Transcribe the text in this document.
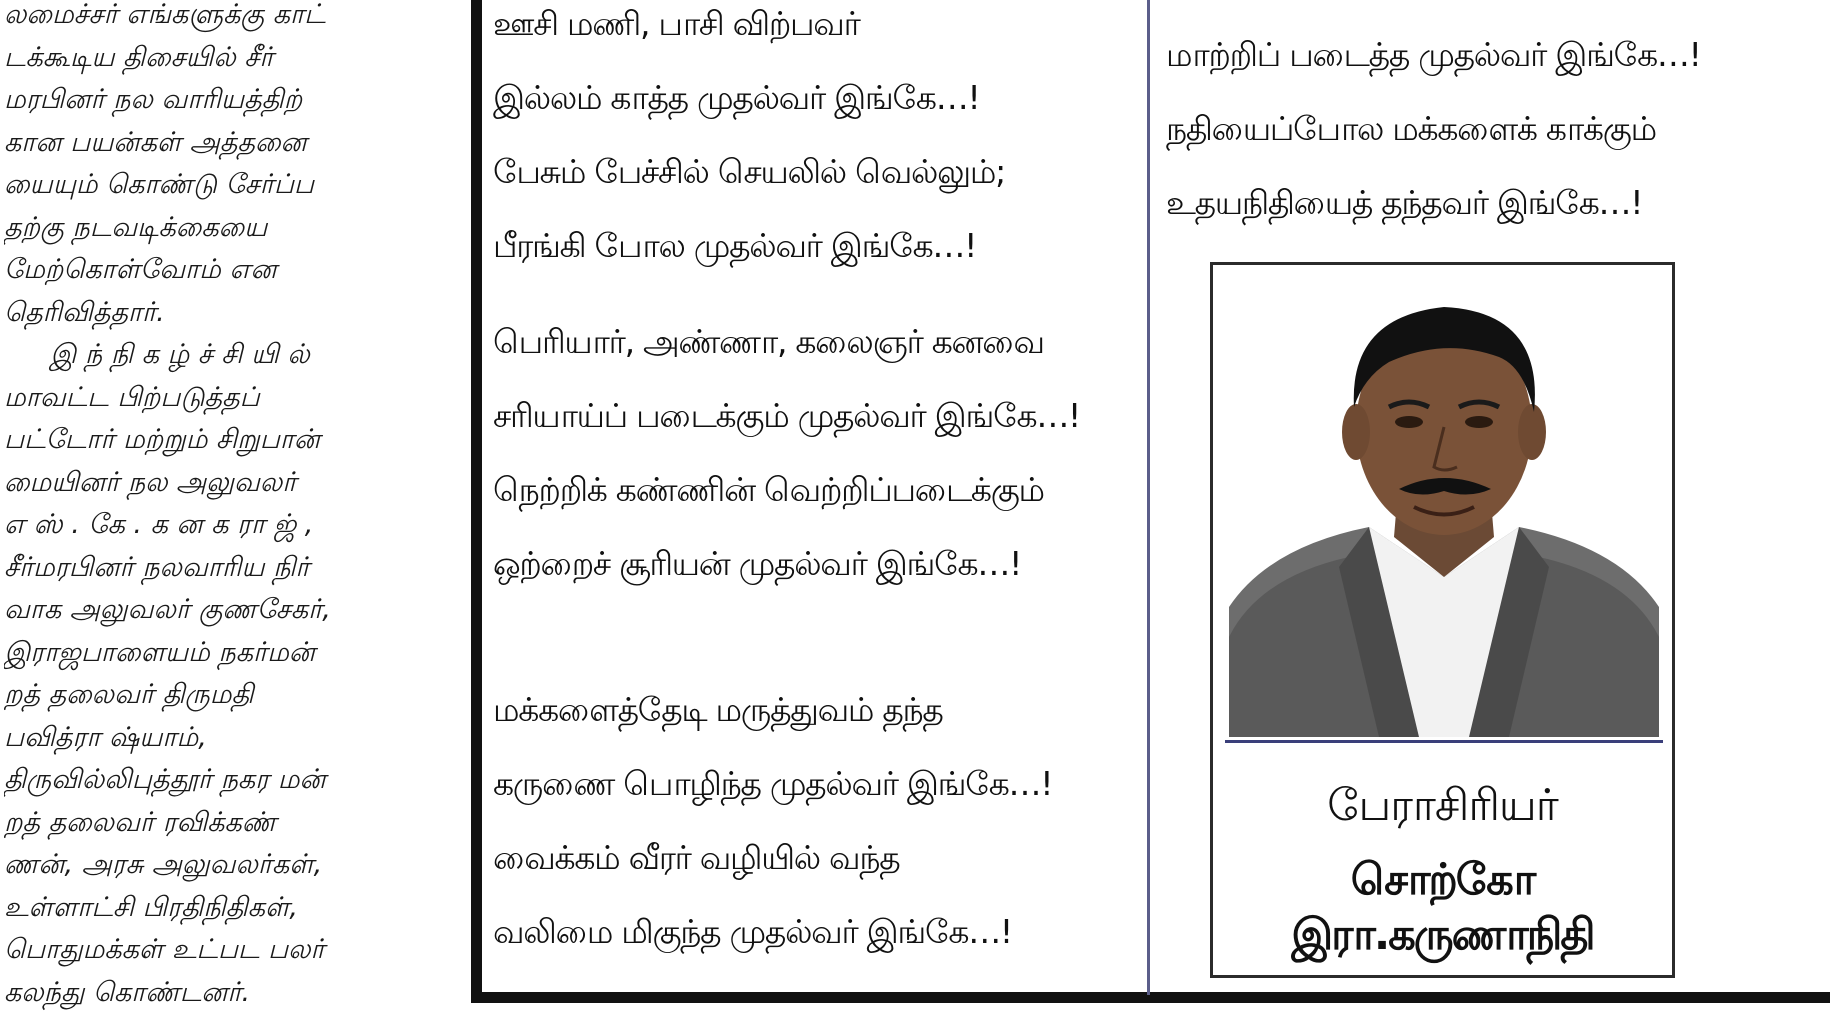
லமைச்சர் எங்களுக்கு காட்
டக்கூடிய திசையில் சீர்
மரபினர் நல வாரியத்திற்
கான பயன்கள் அத்தனை
யையும் கொண்டு சேர்ப்ப
தற்கு நடவடிக்கையை
மேற்கொள்வோம் என
தெரிவித்தார்.

இ ந் நி க ழ் ச் சி யி ல்
மாவட்ட பிற்படுத்தப்
பட்டோர் மற்றும் சிறுபான்
மையினர் நல அலுவலர்
எ ஸ் . கே . க ன க ரா ஜ் ,
சீர்மரபினர் நலவாரிய நிர்
வாக அலுவலர் குணசேகர்,
இராஜபாளையம் நகர்மன்
றத் தலைவர் திருமதி
பவித்ரா ஷ்யாம்,
திருவில்லிபுத்தூர் நகர மன்
றத் தலைவர் ரவிக்கண்
ணன், அரசு அலுவலர்கள்,
உள்ளாட்சி பிரதிநிதிகள்,
பொதுமக்கள் உட்பட பலர்
கலந்து கொண்டனர்.

ஊசி மணி, பாசி விற்பவர்
இல்லம் காத்த முதல்வர் இங்கே…!
பேசும் பேச்சில் செயலில் வெல்லும்;
பீரங்கி போல முதல்வர் இங்கே…!
பெரியார், அண்ணா, கலைஞர் கனவை
சரியாய்ப் படைக்கும் முதல்வர் இங்கே…!
நெற்றிக் கண்ணின் வெற்றிப்படைக்கும்
ஒற்றைச் சூரியன் முதல்வர் இங்கே…!
மக்களைத்தேடி மருத்துவம் தந்த
கருணை பொழிந்த முதல்வர் இங்கே…!
வைக்கம் வீரர் வழியில் வந்த
வலிமை மிகுந்த முதல்வர் இங்கே…!
மாற்றிப் படைத்த முதல்வர் இங்கே…!
நதியைப்போல மக்களைக் காக்கும்
உதயநிதியைத் தந்தவர் இங்கே…!
பேராசிரியர்
சொற்கோ இரா.கருணாநிதி
